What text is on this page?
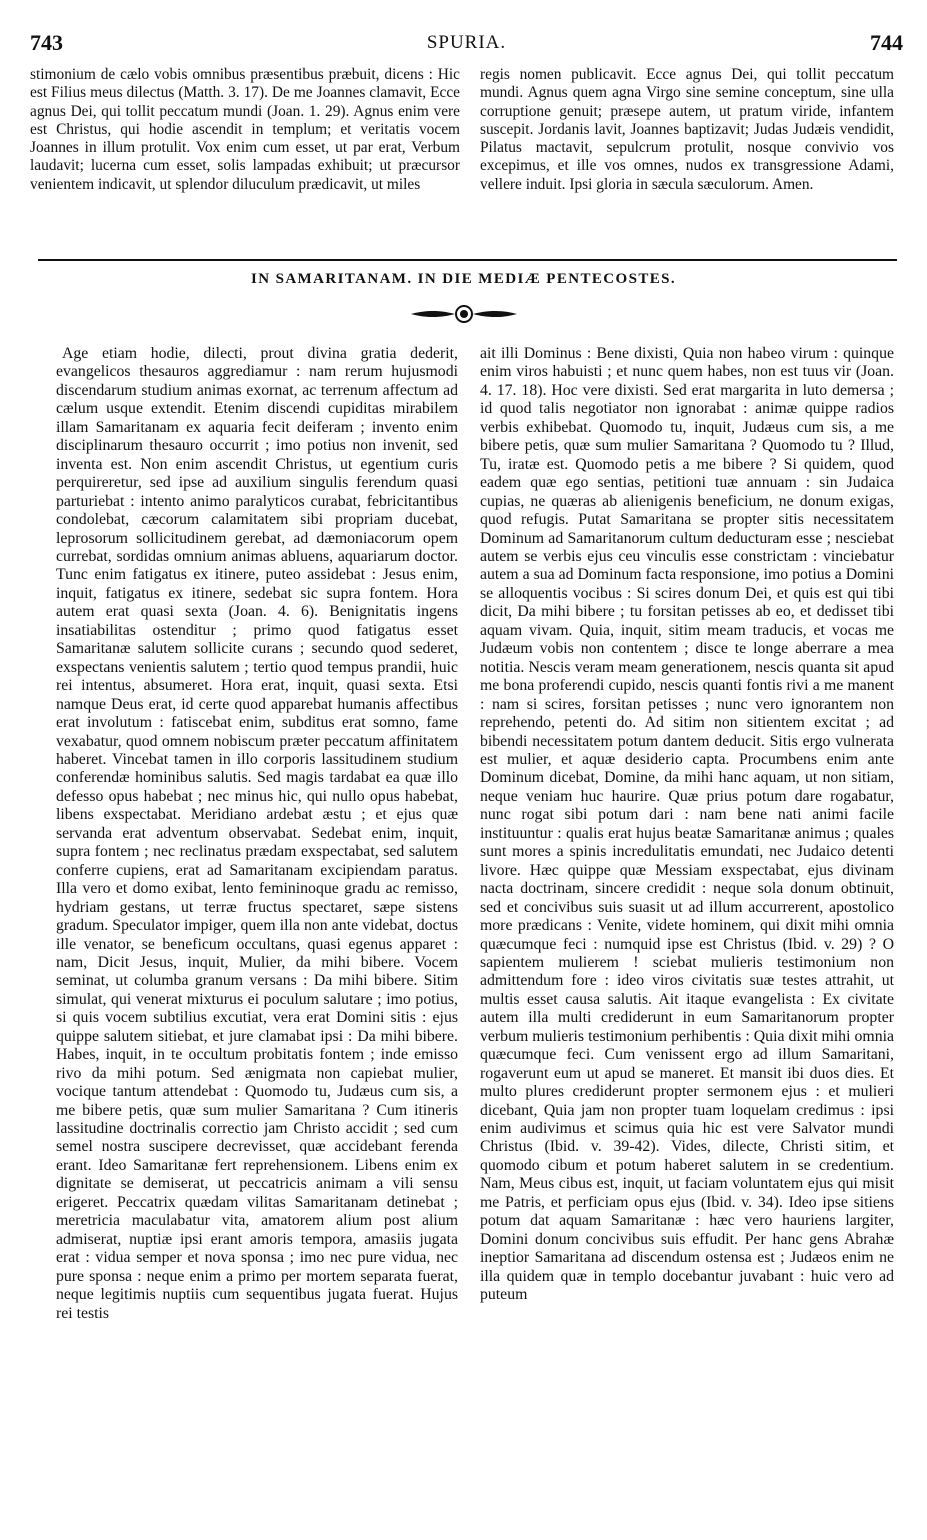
743	SPURIA.	744

stimonium de cælo vobis omnibus præsentibus præbuit, dicens : Hic est Filius meus dilectus (Matth. 3. 17). De me Joannes clamavit, Ecce agnus Dei, qui tollit peccatum mundi (Joan. 1. 29). Agnus enim vere est Christus, qui hodie ascendit in templum; et veritatis vocem Joannes in illum protulit. Vox enim cum esset, ut par erat, Verbum laudavit; lucerna cum esset, solis lampadas exhibuit; ut præcursor venientem indicavit, ut splendor diluculum prædicavit, ut miles

regis nomen publicavit. Ecce agnus Dei, qui tollit peccatum mundi. Agnus quem agna Virgo sine semine conceptum, sine ulla corruptione genuit; præsepe autem, ut pratum viride, infantem suscepit. Jordanis lavit, Joannes baptizavit; Judas Judæis vendidit, Pilatus mactavit, sepulcrum protulit, nosque convivio vos excepimus, et ille vos omnes, nudos ex transgressione Adami, vellere induit. Ipsi gloria in sæcula sæculorum. Amen.

IN SAMARITANAM. IN DIE MEDIÆ PENTECOSTES.

Age etiam hodie, dilecti, prout divina gratia dederit, evangelicos thesauros aggrediamur : nam rerum hujusmodi discendarum studium animas exornat, ac terrenum affectum ad cælum usque extendit. Etenim discendi cupiditas mirabilem illam Samaritanam ex aquaria fecit deiferam ; invento enim disciplinarum thesauro occurrit ; imo potius non invenit, sed inventa est. Non enim ascendit Christus, ut egentium curis perquireretur, sed ipse ad auxilium singulis ferendum quasi parturiebat : intento animo paralyticos curabat, febricitantibus condolebat, cæcorum calamitatem sibi propriam ducebat, leprosorum sollicitudinem gerebat, ad dæmoniacorum opem currebat, sordidas omnium animas abluens, aquariarum doctor. Tunc enim fatigatus ex itinere, puteo assidebat : Jesus enim, inquit, fatigatus ex itinere, sedebat sic supra fontem. Hora autem erat quasi sexta (Joan. 4. 6). Benignitatis ingens insatiabilitas ostenditur ; primo quod fatigatus esset Samaritanæ salutem sollicite curans ; secundo quod sederet, exspectans venientis salutem ; tertio quod tempus prandii, huic rei intentus, absumeret. Hora erat, inquit, quasi sexta. Etsi namque Deus erat, id certe quod apparebat humanis affectibus erat involutum : fatiscebat enim, subditus erat somno, fame vexabatur, quod omnem nobiscum præter peccatum affinitatem haberet. Vincebat tamen in illo corporis lassitudinem studium conferendæ hominibus salutis. Sed magis tardabat ea quæ illo defesso opus habebat ; nec minus hic, qui nullo opus habebat, libens exspectabat. Meridiano ardebat æstu ; et ejus quæ servanda erat adventum observabat. Sedebat enim, inquit, supra fontem ; nec reclinatus prædam exspectabat, sed salutem conferre cupiens, erat ad Samaritanam excipiendam paratus. Illa vero et domo exibat, lento femininoque gradu ac remisso, hydriam gestans, ut terræ fructus spectaret, sæpe sistens gradum. Speculator impiger, quem illa non ante videbat, doctus ille venator, se beneficum occultans, quasi egenus apparet : nam, Dicit Jesus, inquit, Mulier, da mihi bibere. Vocem seminat, ut columba granum versans : Da mihi bibere. Sitim simulat, qui venerat mixturus ei poculum salutare ; imo potius, si quis vocem subtilius excutiat, vera erat Domini sitis : ejus quippe salutem sitiebat, et jure clamabat ipsi : Da mihi bibere. Habes, inquit, in te occultum probitatis fontem ; inde emisso rivo da mihi potum. Sed ænigmata non capiebat mulier, vocique tantum attendebat : Quomodo tu, Judæus cum sis, a me bibere petis, quæ sum mulier Samaritana ? Cum itineris lassitudine doctrinalis correctio jam Christo accidit ; sed cum semel nostra suscipere decrevisset, quæ accidebant ferenda erant. Ideo Samaritanæ fert reprehensionem. Libens enim ex dignitate se demiserat, ut peccatricis animam a vili sensu erigeret. Peccatrix quædam vilitas Samaritanam detinebat ; meretricia maculabatur vita, amatorem alium post alium admiserat, nuptiæ ipsi erant amoris tempora, amasiis jugata erat : vidua semper et nova sponsa ; imo nec pure vidua, nec pure sponsa : neque enim a primo per mortem separata fuerat, neque legitimis nuptiis cum sequentibus jugata fuerat. Hujus rei testis

ait illi Dominus : Bene dixisti, Quia non habeo virum : quinque enim viros habuisti ; et nunc quem habes, non est tuus vir (Joan. 4. 17. 18). Hoc vere dixisti. Sed erat margarita in luto demersa ; id quod talis negotiator non ignorabat : animæ quippe radios verbis exhibebat. Quomodo tu, inquit, Judæus cum sis, a me bibere petis, quæ sum mulier Samaritana ? Quomodo tu ? Illud, Tu, iratæ est. Quomodo petis a me bibere ? Si quidem, quod eadem quæ ego sentias, petitioni tuæ annuam : sin Judaica cupias, ne quæras ab alienigenis beneficium, ne donum exigas, quod refugis. Putat Samaritana se propter sitis necessitatem Dominum ad Samaritanorum cultum deducturam esse ; nesciebat autem se verbis ejus ceu vinculis esse constrictam : vinciebatur autem a sua ad Dominum facta responsione, imo potius a Domini se alloquentis vocibus : Si scires donum Dei, et quis est qui tibi dicit, Da mihi bibere ; tu forsitan petisses ab eo, et dedisset tibi aquam vivam. Quia, inquit, sitim meam traducis, et vocas me Judæum vobis non contentem ; disce te longe aberrare a mea notitia. Nescis veram meam generationem, nescis quanta sit apud me bona proferendi cupido, nescis quanti fontis rivi a me manent : nam si scires, forsitan petisses ; nunc vero ignorantem non reprehendo, petenti do. Ad sitim non sitientem excitat ; ad bibendi necessitatem potum dantem deducit. Sitis ergo vulnerata est mulier, et aquæ desiderio capta. Procumbens enim ante Dominum dicebat, Domine, da mihi hanc aquam, ut non sitiam, neque veniam huc haurire. Quæ prius potum dare rogabatur, nunc rogat sibi potum dari : nam bene nati animi facile instituuntur : qualis erat hujus beatæ Samaritanæ animus ; quales sunt mores a spinis incredulitatis emundati, nec Judaico detenti livore. Hæc quippe quæ Messiam exspectabat, ejus divinam nacta doctrinam, sincere credidit : neque sola donum obtinuit, sed et concivibus suis suasit ut ad illum accurrerent, apostolico more prædicans : Venite, videte hominem, qui dixit mihi omnia quæcumque feci : numquid ipse est Christus (Ibid. v. 29) ? O sapientem mulierem ! sciebat mulieris testimonium non admittendum fore : ideo viros civitatis suæ testes attrahit, ut multis esset causa salutis. Ait itaque evangelista : Ex civitate autem illa multi crediderunt in eum Samaritanorum propter verbum mulieris testimonium perhibentis : Quia dixit mihi omnia quæcumque feci. Cum venissent ergo ad illum Samaritani, rogaverunt eum ut apud se maneret. Et mansit ibi duos dies. Et multo plures crediderunt propter sermonem ejus : et mulieri dicebant, Quia jam non propter tuam loquelam credimus : ipsi enim audivimus et scimus quia hic est vere Salvator mundi Christus (Ibid. v. 39-42). Vides, dilecte, Christi sitim, et quomodo cibum et potum haberet salutem in se credentium. Nam, Meus cibus est, inquit, ut faciam voluntatem ejus qui misit me Patris, et perficiam opus ejus (Ibid. v. 34). Ideo ipse sitiens potum dat aquam Samaritanæ : hæc vero hauriens largiter, Domini donum concivibus suis effudit. Per hanc gens Abrahæ ineptior Samaritana ad discendum ostensa est ; Judæos enim ne illa quidem quæ in templo docebantur juvabant : huic vero ad puteum
